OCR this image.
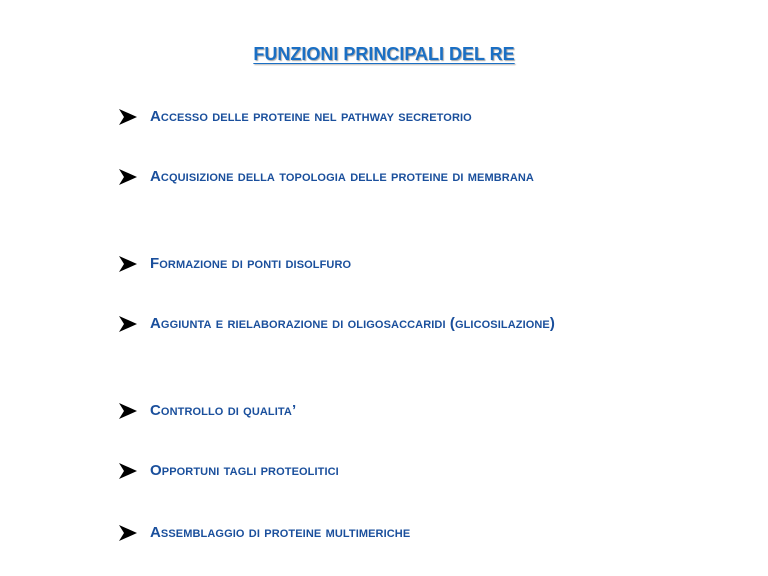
FUNZIONI PRINCIPALI DEL RE
Accesso delle proteine nel pathway secretorio
Acquisizione della topologia delle proteine di membrana
Formazione di ponti disolfuro
Aggiunta e rielaborazione di oligosaccaridi (glicosilazione)
Controllo di qualita’
Opportuni tagli proteolitici
Assemblaggio di proteine multimeriche
